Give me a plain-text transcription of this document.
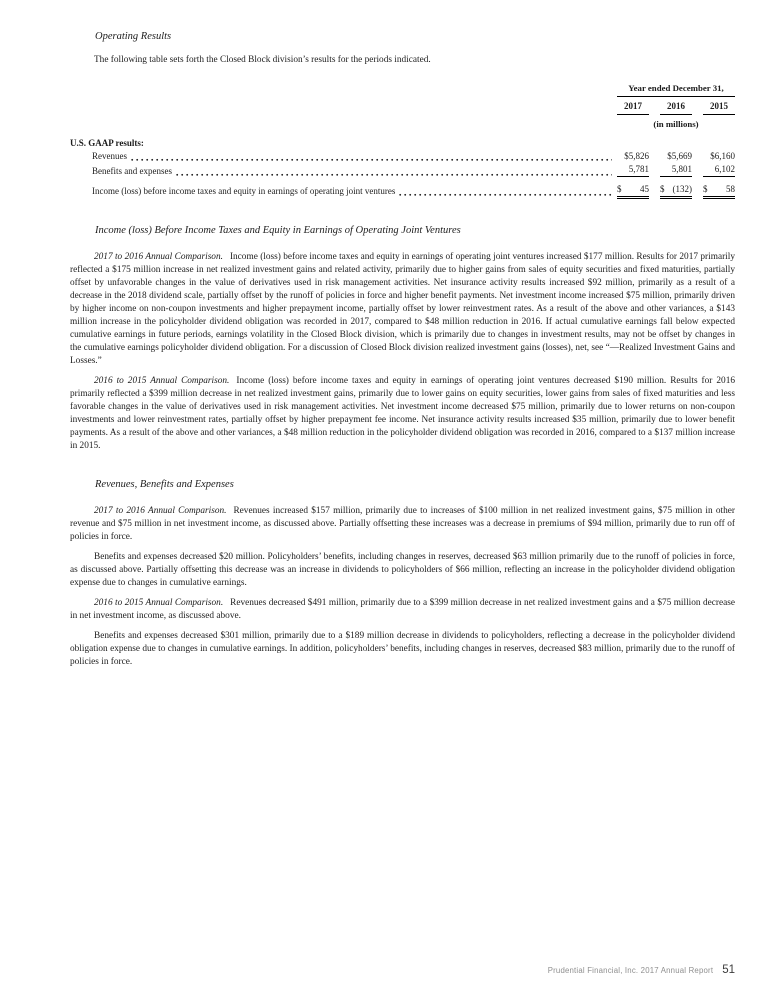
Operating Results

The following table sets forth the Closed Block division’s results for the periods indicated.

Year ended December 31,
2017	2016	2015
(in millions)
U.S. GAAP results:
Revenues	$5,826	$5,669	$6,160
Benefits and expenses	5,781	5,801	6,102
Income (loss) before income taxes and equity in earnings of operating joint ventures	$ 45 $ (132) $ 58
Income (loss) Before Income Taxes and Equity in Earnings of Operating Joint Ventures

2017 to 2016 Annual Comparison. Income (loss) before income taxes and equity in earnings of operating joint ventures increased $177 million. Results for 2017 primarily reflected a $175 million increase in net realized investment gains and related activity, primarily due to higher gains from sales of equity securities and fixed maturities, partially offset by unfavorable changes in the value of derivatives used in risk management activities. Net insurance activity results increased $92 million, primarily as a result of a decrease in the 2018 dividend scale, partially offset by the runoff of policies in force and higher benefit payments. Net investment income increased $75 million, primarily driven by higher income on non-coupon investments and higher prepayment income, partially offset by lower reinvestment rates. As a result of the above and other variances, a $143 million increase in the policyholder dividend obligation was recorded in 2017, compared to $48 million reduction in 2016. If actual cumulative earnings fall below expected cumulative earnings in future periods, earnings volatility in the Closed Block division, which is primarily due to changes in investment results, may not be offset by changes in the cumulative earnings policyholder dividend obligation. For a discussion of Closed Block division realized investment gains (losses), net, see “—Realized Investment Gains and Losses.”

2016 to 2015 Annual Comparison. Income (loss) before income taxes and equity in earnings of operating joint ventures decreased $190 million. Results for 2016 primarily reflected a $399 million decrease in net realized investment gains, primarily due to lower gains on equity securities, lower gains from sales of fixed maturities and less favorable changes in the value of derivatives used in risk management activities. Net investment income decreased $75 million, primarily due to lower returns on non-coupon investments and lower reinvestment rates, partially offset by higher prepayment fee income. Net insurance activity results increased $35 million, primarily due to lower benefit payments. As a result of the above and other variances, a $48 million reduction in the policyholder dividend obligation was recorded in 2016, compared to a $137 million increase in 2015.

Revenues, Benefits and Expenses

2017 to 2016 Annual Comparison. Revenues increased $157 million, primarily due to increases of $100 million in net realized investment gains, $75 million in other revenue and $75 million in net investment income, as discussed above. Partially offsetting these increases was a decrease in premiums of $94 million, primarily due to run off of policies in force.

Benefits and expenses decreased $20 million. Policyholders’ benefits, including changes in reserves, decreased $63 million primarily due to the runoff of policies in force, as discussed above. Partially offsetting this decrease was an increase in dividends to policyholders of $66 million, reflecting an increase in the policyholder dividend obligation expense due to changes in cumulative earnings.

2016 to 2015 Annual Comparison. Revenues decreased $491 million, primarily due to a $399 million decrease in net realized investment gains and a $75 million decrease in net investment income, as discussed above.

Benefits and expenses decreased $301 million, primarily due to a $189 million decrease in dividends to policyholders, reflecting a decrease in the policyholder dividend obligation expense due to changes in cumulative earnings. In addition, policyholders’ benefits, including changes in reserves, decreased $83 million, primarily due to the runoff of policies in force.

Prudential Financial, Inc. 2017 Annual Report 51
